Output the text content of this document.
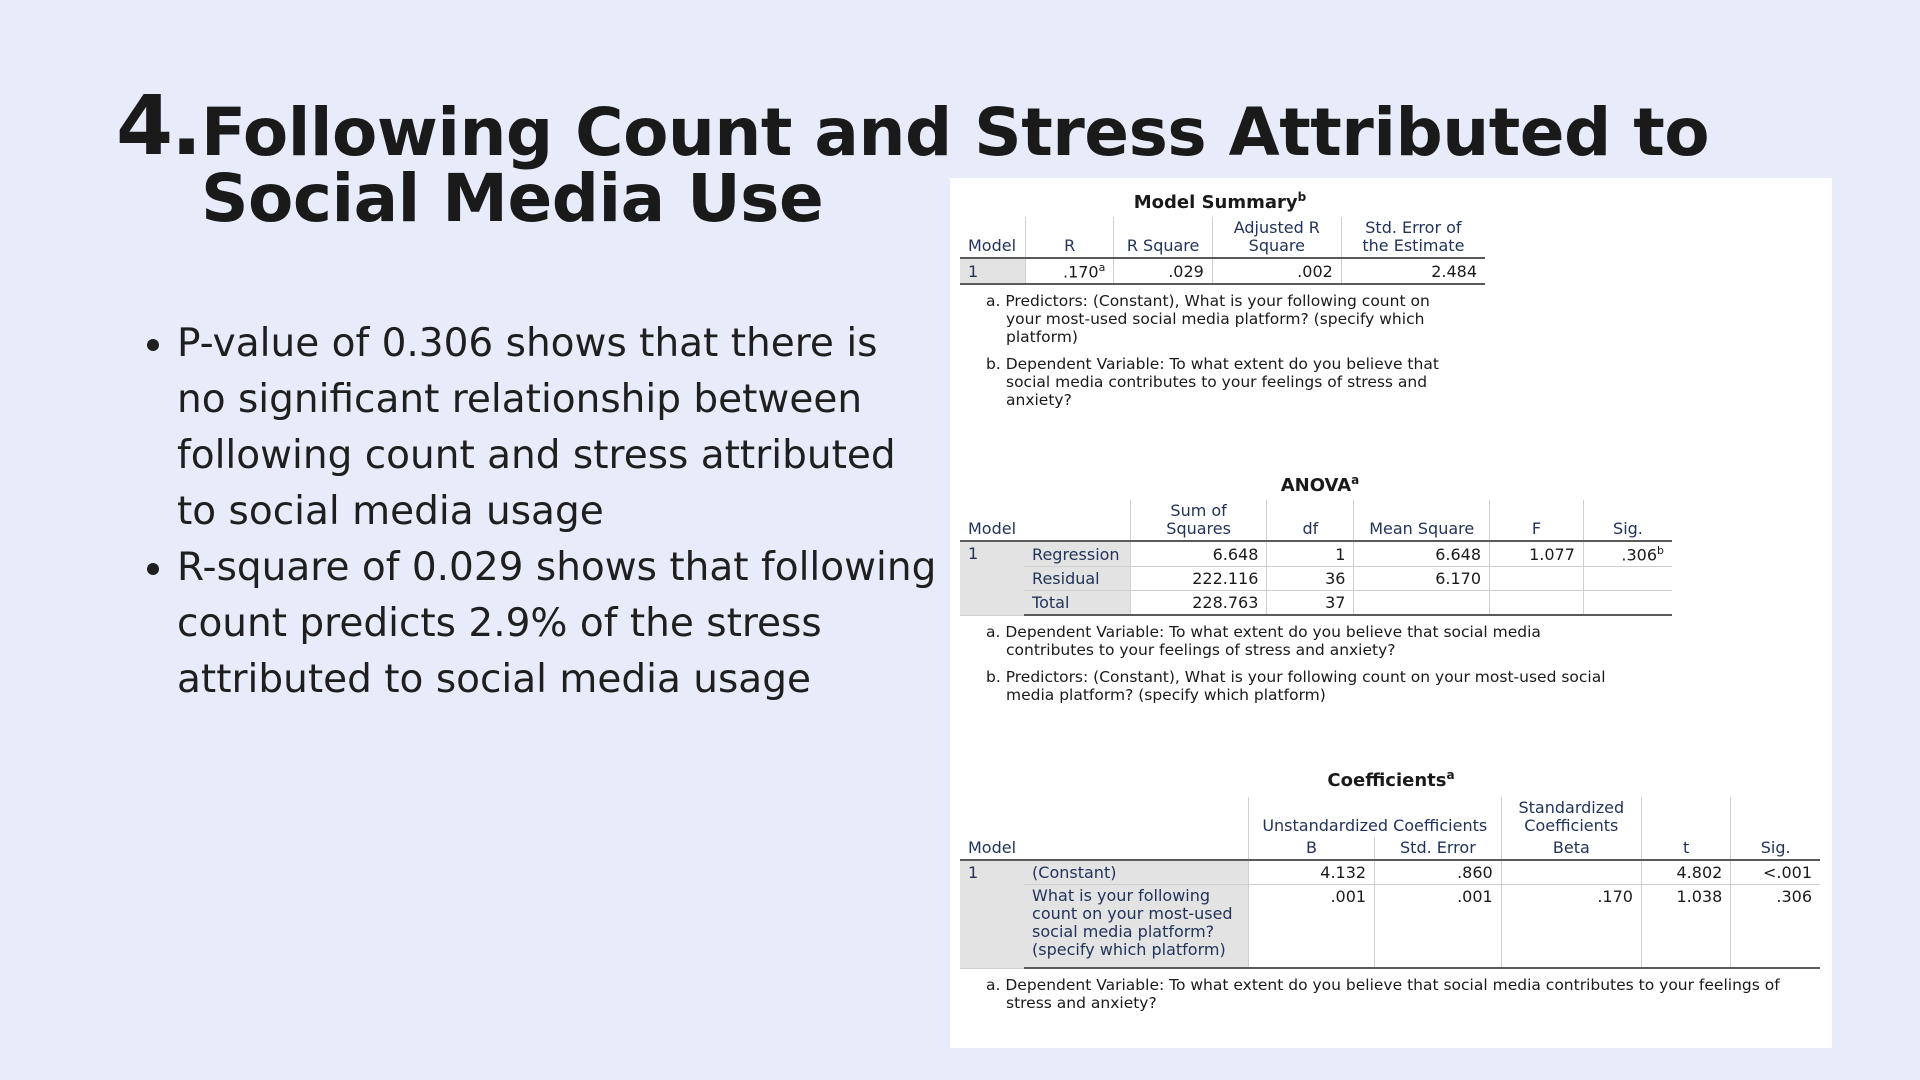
4. Following Count and Stress Attributed to Social Media Use
• P-value of 0.306 shows that there is no significant relationship between following count and stress attributed to social media usage
• R-square of 0.029 shows that following count predicts 2.9% of the stress attributed to social media usage
Model Summary$^b$
Model	R	R Square	Adjusted R Square	Std. Error of the Estimate
1	.170$^a$	.029	.002	2.484
a. Predictors: (Constant), What is your following count on your most-used social media platform? (specify which platform)
b. Dependent Variable: To what extent do you believe that social media contributes to your feelings of stress and anxiety?
ANOVA$^a$
Model		Sum of Squares	df	Mean Square	F	Sig.
1	Regression	6.648	1	6.648	1.077	.306$^b$
	Residual	222.116	36	6.170		
	Total	228.763	37			
a. Dependent Variable: To what extent do you believe that social media contributes to your feelings of stress and anxiety?
b. Predictors: (Constant), What is your following count on your most-used social media platform? (specify which platform)
Coefficients$^a$
		Unstandardized Coefficients		Standardized Coefficients		
Model		B	Std. Error	Beta	t	Sig.
1	(Constant)	4.132	.860		4.802	<.001
	What is your following count on your most-used social media platform? (specify which platform)	.001	.001	.170	1.038	.306
a. Dependent Variable: To what extent do you believe that social media contributes to your feelings of stress and anxiety?
